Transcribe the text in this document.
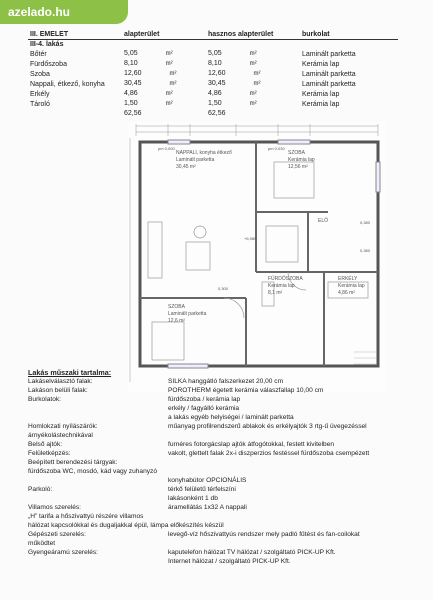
azelado.hu
III. EMELET	alapterület	hasznos alapterület	burkolat
III-4. lakás			
Bőtér	5,05 m²	5,05 m²	Laminált parketta
Fürdőszoba	8,10 m²	8,10 m²	Kerámia lap
Szoba	12,60 m²	12,60 m²	Laminált parketta
Nappali, étkező, konyha	30,45 m²	30,45 m²	Laminált parketta
Erkély	4,86 m²	4,86 m²	Kerámia lap
Tároló	1,50 m²	1,50 m²	Kerámia lap
	62,56	62,56	
SZOBA
Kerámia lap
12,56 m²
NAPPALI, konyha étkező
Laminált parketta
30,45 m²
ELŐ
SZOBA
Laminált parketta
12,6 m²
FÜRDŐSZOBA
Kerámia lap
8,1 m²
ERKÉLY
Kerámia lap
4,86 m²
pm 0,000	pm 0,030
+6,980
0,380
0,300
0,380
Lakás műszaki tartalma:
Lakáselválasztó falak:	SILKA hanggátló falszerkezet 20,00 cm
Lakáson belüli falak:	POROTHERM égetett kerámia válaszfallap 10,00 cm
Burkolatok:	fürdőszoba / kerámia lap
erkély / fagyálló kerámia
a lakás egyéb helyiségei / laminált parketta
Homlokzati nyílászárók:	műanyag profilrendszerű ablakok és erkélyajtók 3 rtg-ű üvegezéssel
árnyékolástechnikával
Belső ajtók:	furnéres fotorgácslap ajtók átfogótokkal, festett kivitelben
Felületképzés:	vakolt, glettelt falak 2x-i diszperzios festéssel fürdőszoba csempézett
Beépített berendezési tárgyak:
fürdőszoba WC, mosdó, kád vagy zuhanyzó
konyhabútor OPCIONÁLIS
Parkoló:	térkő felületű térfelszíni
lakásonként 1 db
Villamos szerelés:	áramellátás 1x32 A nappali
„H” tarifa a hőszivattyú részére villamos
hálózat kapcsolókkal és dugaljakkal épül, lámpa előkészítés készül
Gépészeti szerelés:	levegő-víz hőszivattyús rendszer mely padló fűtést és fan-coilokat
működtet
Gyengeáramú szerelés:	kaputelefon hálózat TV hálózat / szolgáltató PICK-UP Kft.
Internet hálózat / szolgáltató PICK-UP Kft.
